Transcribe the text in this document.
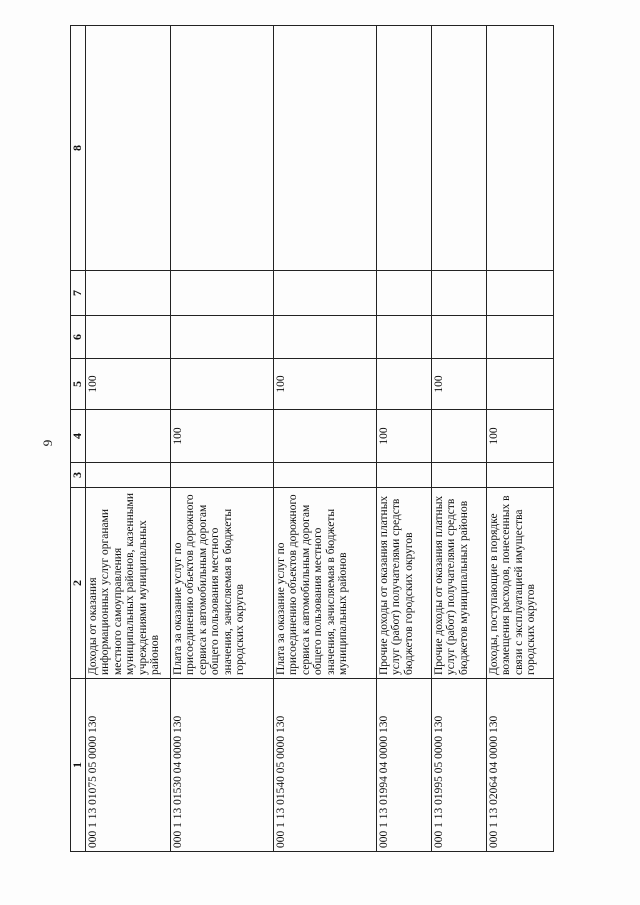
9
1	2	3	4	5	6	7	8
000 1 13 01075 05 0000 130	Доходы от оказания информационных услуг органами местного самоуправления муниципальных районов, казенными учреждениями муниципальных районов			100			
000 1 13 01530 04 0000 130	Плата за оказание услуг по присоединению объектов дорожного сервиса к автомобильным дорогам общего пользования местного значения, зачисляемая в бюджеты городских округов		100				
000 1 13 01540 05 0000 130	Плата за оказание услуг по присоединению объектов дорожного сервиса к автомобильным дорогам общего пользования местного значения, зачисляемая в бюджеты муниципальных районов			100			
000 1 13 01994 04 0000 130	Прочие доходы от оказания платных услуг (работ) получателями средств бюджетов городских округов		100				
000 1 13 01995 05 0000 130	Прочие доходы от оказания платных услуг (работ) получателями средств бюджетов муниципальных районов			100			
000 1 13 02064 04 0000 130	Доходы, поступающие в порядке возмещения расходов, понесенных в связи с эксплуатацией имущества городских округов		100				
